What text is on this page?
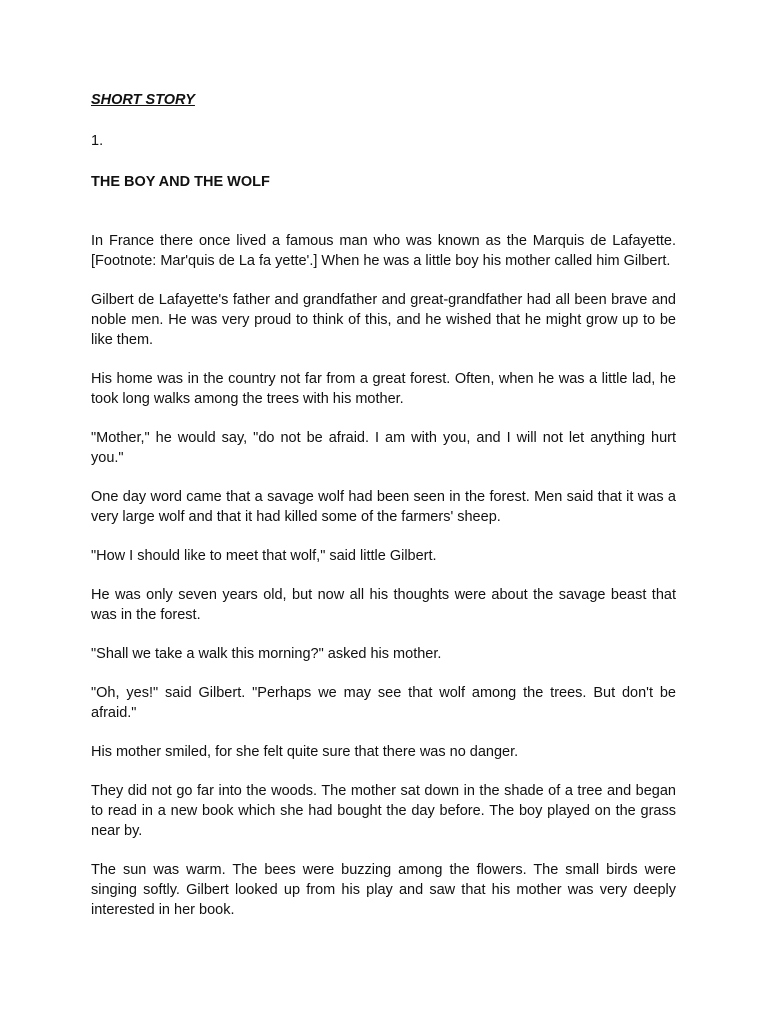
SHORT STORY

1.

THE BOY AND THE WOLF

In France there once lived a famous man who was known as the Marquis de Lafayette. [Footnote: Mar'quis de La fa yette'.] When he was a little boy his mother called him Gilbert.

Gilbert de Lafayette's father and grandfather and great-grandfather had all been brave and noble men. He was very proud to think of this, and he wished that he might grow up to be like them.

His home was in the country not far from a great forest. Often, when he was a little lad, he took long walks among the trees with his mother.

"Mother," he would say, "do not be afraid. I am with you, and I will not let anything hurt you."

One day word came that a savage wolf had been seen in the forest. Men said that it was a very large wolf and that it had killed some of the farmers' sheep.

"How I should like to meet that wolf," said little Gilbert.

He was only seven years old, but now all his thoughts were about the savage beast that was in the forest.

"Shall we take a walk this morning?" asked his mother.

"Oh, yes!" said Gilbert. "Perhaps we may see that wolf among the trees. But don't be afraid."

His mother smiled, for she felt quite sure that there was no danger.

They did not go far into the woods. The mother sat down in the shade of a tree and began to read in a new book which she had bought the day before. The boy played on the grass near by.

The sun was warm. The bees were buzzing among the flowers. The small birds were singing softly. Gilbert looked up from his play and saw that his mother was very deeply interested in her book.
